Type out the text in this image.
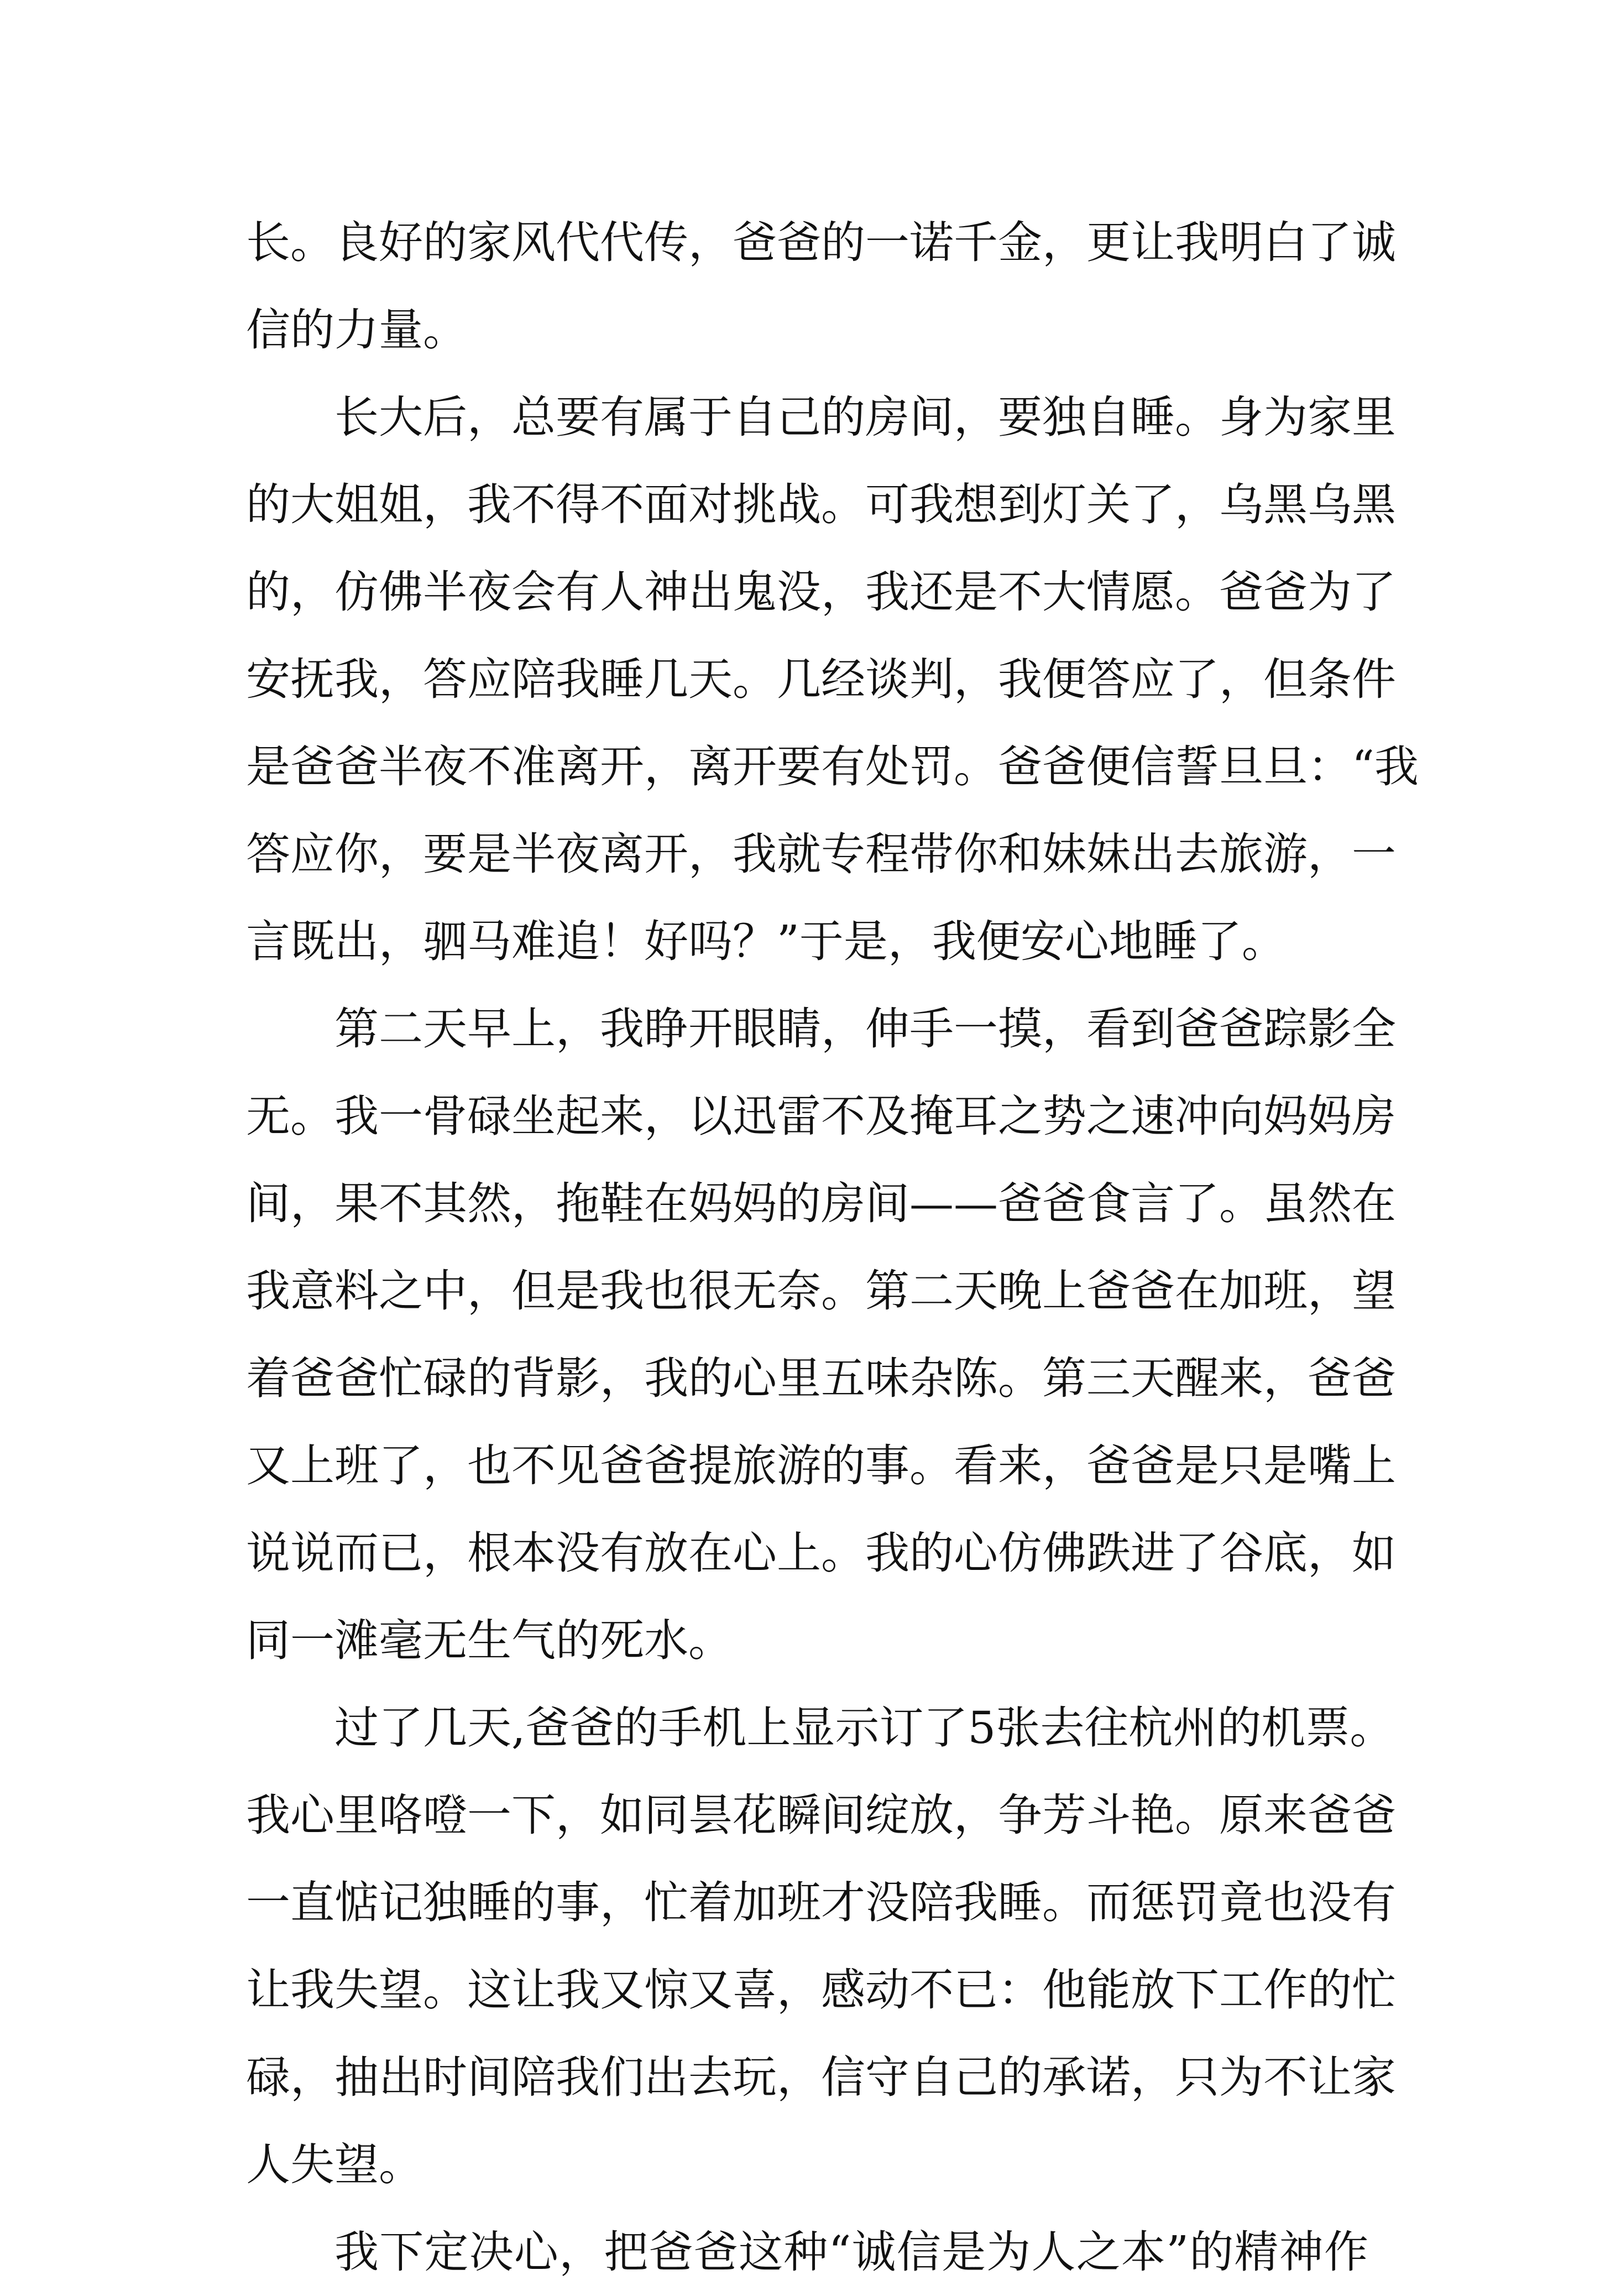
长。良好的家风代代传，爸爸的一诺千金，更让我明白了诚
信的力量。
长大后，总要有属于自己的房间，要独自睡。身为家里
的大姐姐，我不得不面对挑战。可我想到灯关了，乌黑乌黑
的，仿佛半夜会有人神出鬼没，我还是不大情愿。爸爸为了
安抚我，答应陪我睡几天。几经谈判，我便答应了，但条件
是爸爸半夜不准离开，离开要有处罚。爸爸便信誓旦旦：“我
答应你，要是半夜离开，我就专程带你和妹妹出去旅游，一
言既出，驷马难追！好吗？”于是，我便安心地睡了。
第二天早上，我睁开眼睛，伸手一摸，看到爸爸踪影全
无。我一骨碌坐起来，以迅雷不及掩耳之势之速冲向妈妈房
间，果不其然，拖鞋在妈妈的房间——爸爸食言了。虽然在
我意料之中，但是我也很无奈。第二天晚上爸爸在加班，望
着爸爸忙碌的背影，我的心里五味杂陈。第三天醒来，爸爸
又上班了，也不见爸爸提旅游的事。看来，爸爸是只是嘴上
说说而已，根本没有放在心上。我的心仿佛跌进了谷底，如
同一滩毫无生气的死水。
过了几天,爸爸的手机上显示订了5张去往杭州的机票。
我心里咯噔一下，如同昙花瞬间绽放，争芳斗艳。原来爸爸
一直惦记独睡的事，忙着加班才没陪我睡。而惩罚竟也没有
让我失望。这让我又惊又喜，感动不已：他能放下工作的忙
碌，抽出时间陪我们出去玩，信守自己的承诺，只为不让家
人失望。
我下定决心，把爸爸这种“诚信是为人之本”的精神作
